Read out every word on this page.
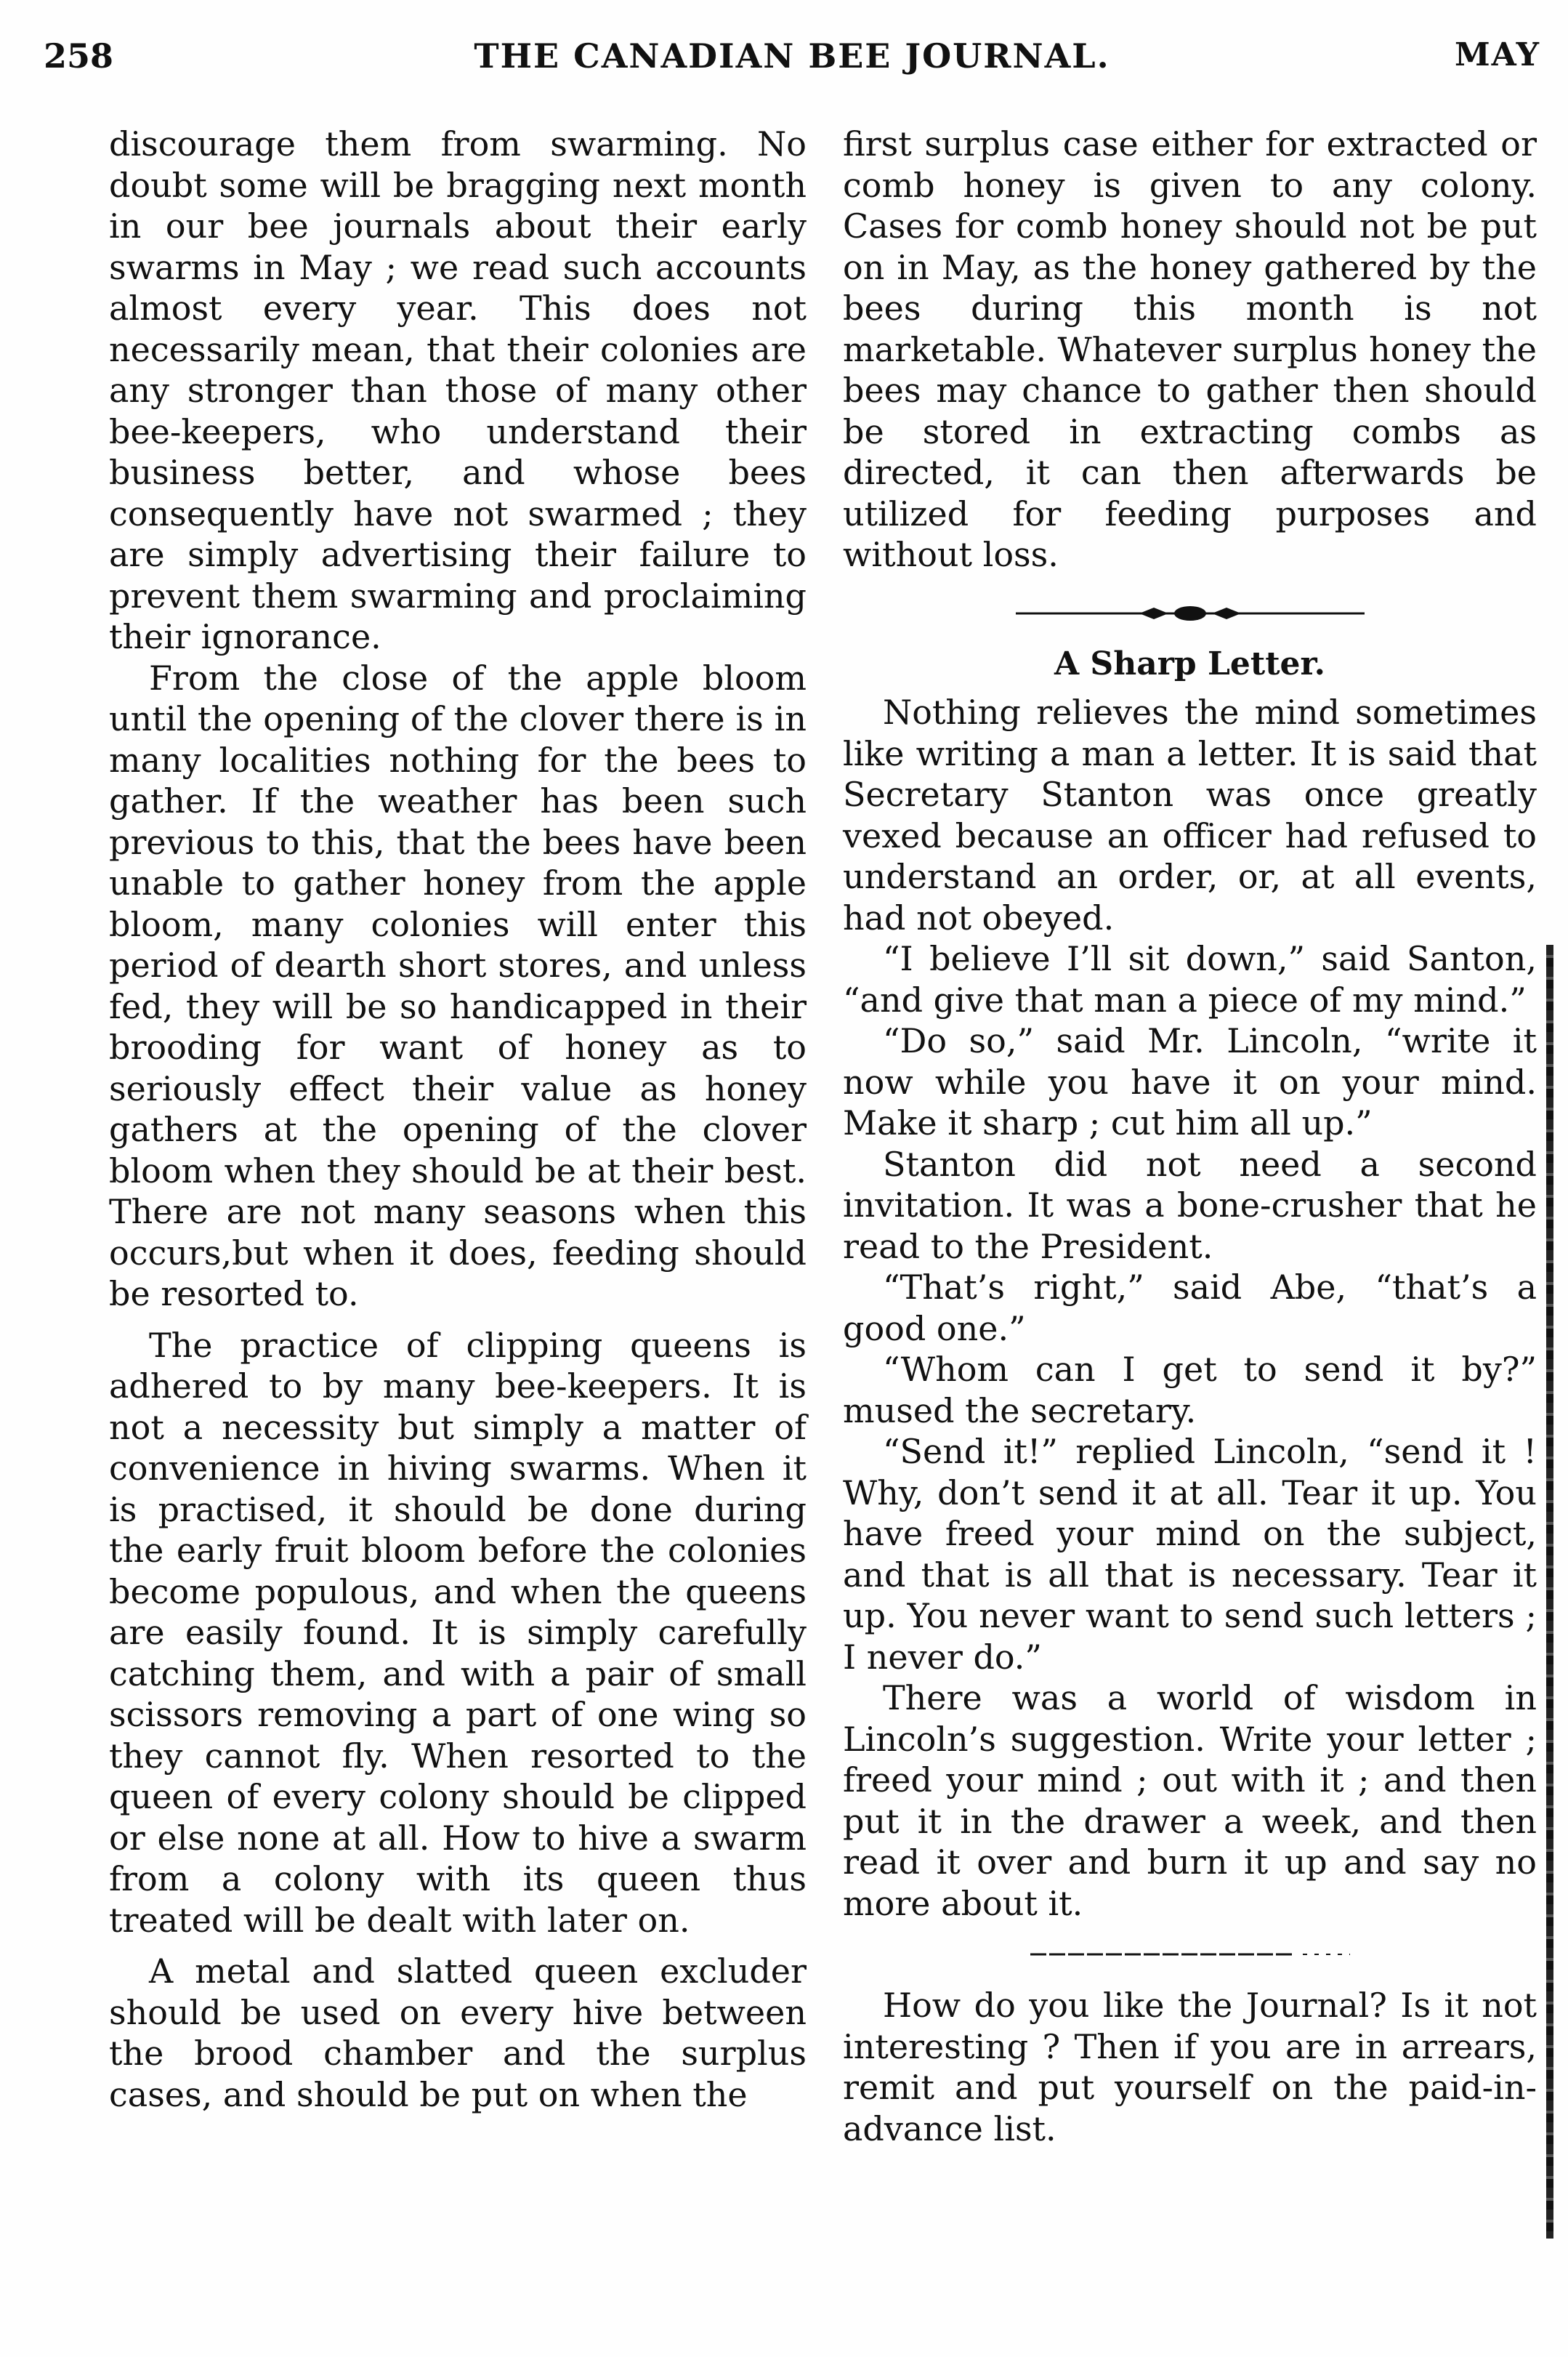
258	THE CANADIAN BEE JOURNAL.	MAY

discourage them from swarming. No doubt some will be bragging next month in our bee journals about their early swarms in May ; we read such accounts almost every year. This does not necessarily mean, that their colonies are any stronger than those of many other bee-keepers, who understand their business better, and whose bees consequently have not swarmed ; they are simply advertising their failure to prevent them swarming and proclaiming their ignorance.

From the close of the apple bloom until the opening of the clover there is in many localities nothing for the bees to gather. If the weather has been such previous to this, that the bees have been unable to gather honey from the apple bloom, many colonies will enter this period of dearth short stores, and unless fed, they will be so handicapped in their brooding for want of honey as to seriously effect their value as honey gathers at the opening of the clover bloom when they should be at their best. There are not many seasons when this occurs,but when it does, feeding should be resorted to.

The practice of clipping queens is adhered to by many bee-keepers. It is not a necessity but simply a matter of convenience in hiving swarms. When it is practised, it should be done during the early fruit bloom before the colonies become populous, and when the queens are easily found. It is simply carefully catching them, and with a pair of small scissors removing a part of one wing so they cannot fly. When resorted to the queen of every colony should be clipped or else none at all. How to hive a swarm from a colony with its queen thus treated will be dealt with later on.

A metal and slatted queen excluder should be used on every hive between the brood chamber and the surplus cases, and should be put on when the

first surplus case either for extracted or comb honey is given to any colony. Cases for comb honey should not be put on in May, as the honey gathered by the bees during this month is not marketable. Whatever surplus honey the bees may chance to gather then should be stored in extracting combs as directed, it can then afterwards be utilized for feeding purposes and without loss.

A Sharp Letter.

Nothing relieves the mind sometimes like writing a man a letter. It is said that Secretary Stanton was once greatly vexed because an officer had refused to understand an order, or, at all events, had not obeyed.

“I believe I’ll sit down,” said Santon, “and give that man a piece of my mind.”

“Do so,” said Mr. Lincoln, “write it now while you have it on your mind. Make it sharp ; cut him all up.”

Stanton did not need a second invitation. It was a bone-crusher that he read to the President.

“That’s right,” said Abe, “that’s a good one.”

“Whom can I get to send it by?” mused the secretary.

“Send it!” replied Lincoln, “send it ! Why, don’t send it at all. Tear it up. You have freed your mind on the subject, and that is all that is necessary. Tear it up. You never want to send such letters ; I never do.”

There was a world of wisdom in Lincoln’s suggestion. Write your letter ; freed your mind ; out with it ; and then put it in the drawer a week, and then read it over and burn it up and say no more about it.

How do you like the Journal? Is it not interesting ? Then if you are in arrears, remit and put yourself on the paid-in-advance list.
